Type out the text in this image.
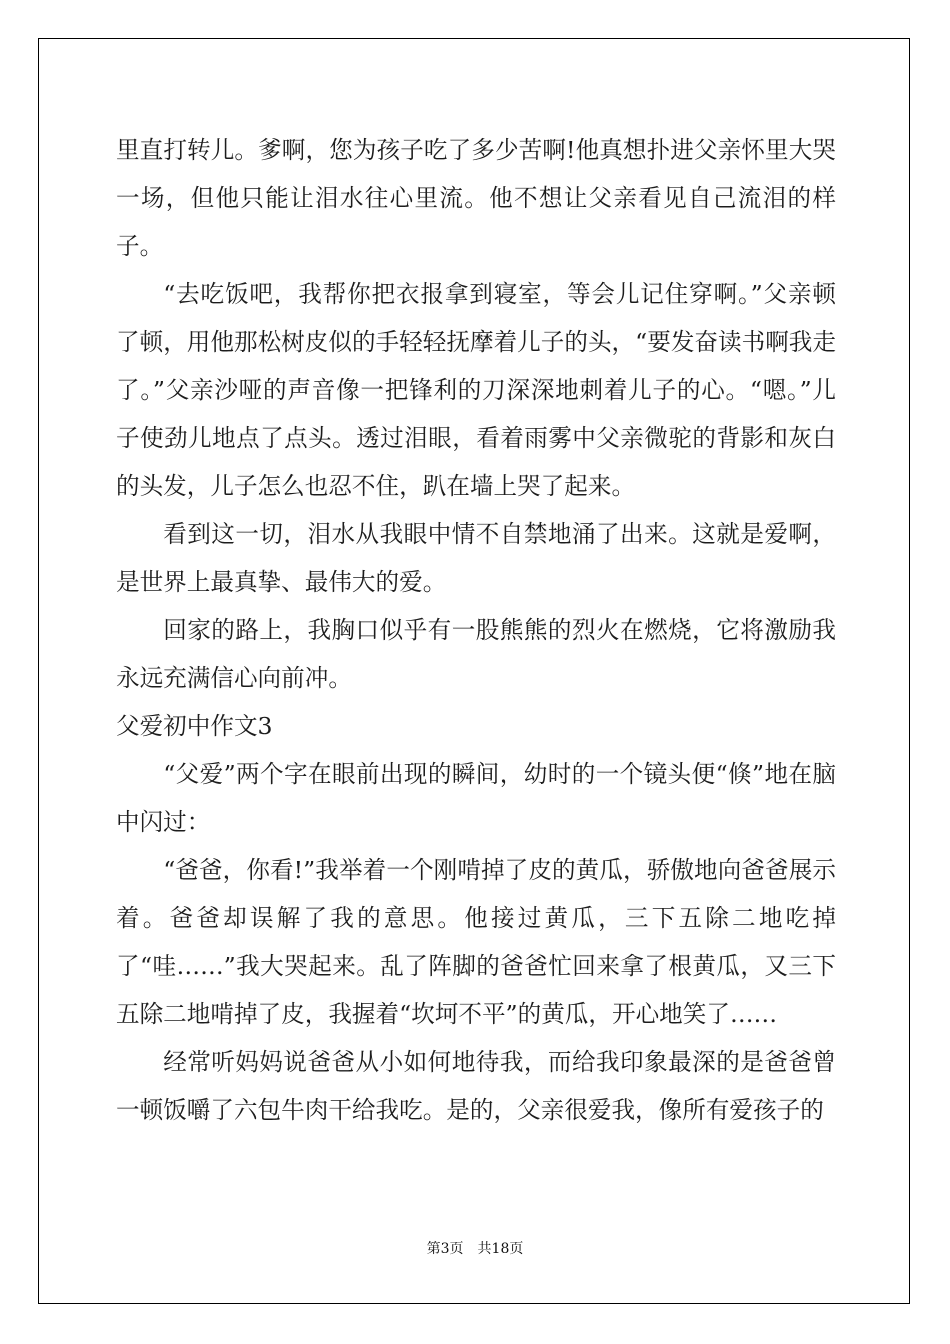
里直打转儿。爹啊，您为孩子吃了多少苦啊!他真想扑进父亲怀里大哭一场，但他只能让泪水往心里流。他不想让父亲看见自己流泪的样子。

“去吃饭吧，我帮你把衣报拿到寝室，等会儿记住穿啊。”父亲顿了顿，用他那松树皮似的手轻轻抚摩着儿子的头，“要发奋读书啊我走了。”父亲沙哑的声音像一把锋利的刀深深地刺着儿子的心。“嗯。”儿子使劲儿地点了点头。透过泪眼，看着雨雾中父亲微驼的背影和灰白的头发，儿子怎么也忍不住，趴在墙上哭了起来。

看到这一切，泪水从我眼中情不自禁地涌了出来。这就是爱啊，是世界上最真挚、最伟大的爱。

回家的路上，我胸口似乎有一股熊熊的烈火在燃烧，它将激励我永远充满信心向前冲。

父爱初中作文3

“父爱”两个字在眼前出现的瞬间，幼时的一个镜头便“倏”地在脑中闪过：

“爸爸，你看!”我举着一个刚啃掉了皮的黄瓜，骄傲地向爸爸展示着。爸爸却误解了我的意思。他接过黄瓜，三下五除二地吃掉了“哇……”我大哭起来。乱了阵脚的爸爸忙回来拿了根黄瓜，又三下五除二地啃掉了皮，我握着“坎坷不平”的黄瓜，开心地笑了……

经常听妈妈说爸爸从小如何地待我，而给我印象最深的是爸爸曾一顿饭嚼了六包牛肉干给我吃。是的，父亲很爱我，像所有爱孩子的

第3页 共18页
